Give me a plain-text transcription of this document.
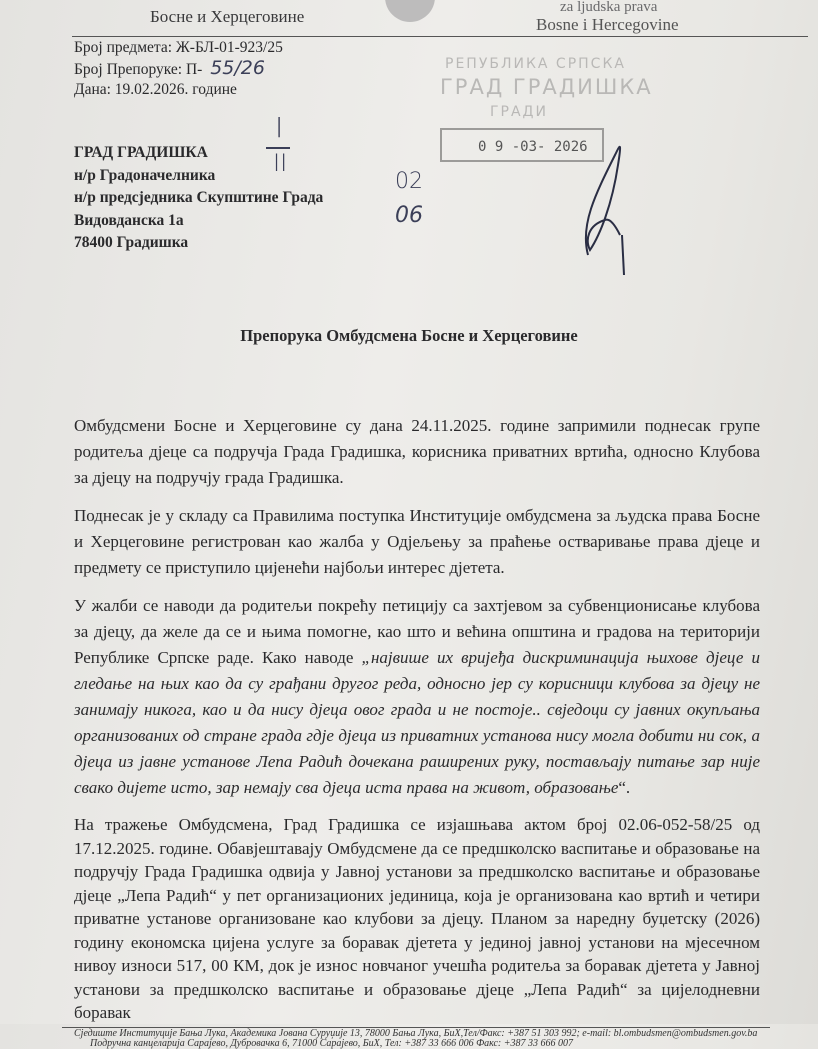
Босне и Херцеговине	za ljudska prava
Bosne i Hercegovine
Број предмета: Ж-БЛ-01-923/25
Број Препоруке: П- 55/26
Дана: 19.02.2026. године
РЕПУБЛИКА СРПСКА
ГРАД ГРАДИШКА
ГРАДИ
0 9 -03- 2026
I
II
02
06
ГРАД ГРАДИШКА
н/р Градоначелника
н/р предсједника Скупштине Града
Видовданска 1а
78400 Градишка
Препорука Омбудсмена Босне и Херцеговине

Омбудсмени Босне и Херцеговине су дана 24.11.2025. године запримили поднесак групе родитеља дјеце са подручја Града Градишка, корисника приватних вртића, односно Клубова за дјецу на подручју града Градишка.

Поднесак је у складу са Правилима поступка Институције омбудсмена за људска права Босне и Херцеговине регистрован као жалба у Одјељењу за праћење остваривање права дјеце и предмету се приступило цијенећи најбољи интерес дјетета.

У жалби се наводи да родитељи покрећу петицију са захтјевом за субвенционисање клубова за дјецу, да желе да се и њима помогне, као што и већина општина и градова на територији Републике Српске раде. Како наводе „највише их вријеђа дискриминација њихове дјеце и гледање на њих као да су грађани другог реда, односно јер су корисници клубова за дјецу не занимају никога, као и да нису дјеца овог града и не постоје.. свједоци су јавних окупљања организованих од стране града гдје дјеца из приватних установа нису могла добити ни сок, а дјеца из јавне установе Лепа Радић дочекана раширених руку, постављају питање зар није свако дијете исто, зар немају сва дјеца иста права на живот, образовање“.

На тражење Омбудсмена, Град Градишка се изјашњава актом број 02.06-052-58/25 од 17.12.2025. године. Обавјештавају Омбудсмене да се предшколско васпитање и образовање на подручју Града Градишка одвија у Јавној установи за предшколско васпитање и образовање дјеце „Лепа Радић“ у пет организационих јединица, која је организована као вртић и четири приватне установе организоване као клубови за дјецу. Планом за наредну буџетску (2026) годину економска цијена услуге за боравак дјетета у јединој јавној установи на мјесечном нивоу износи 517, 00 КМ, док је износ новчаног учешћа родитеља за боравак дјетета у Јавној установи за предшколско васпитање и образовање дјеце „Лепа Радић“ за цијелодневни боравак

Сједиште Институције Бања Лука, Академика Јована Суруџије 13, 78000 Бања Лука, БиХ,Тел/Факс: +387 51 303 992; e-mail: bl.ombudsmen@ombudsmen.gov.ba
Подручна канцеларија Сарајево, Дубровачка 6, 71000 Сарајево, БиХ, Тел: +387 33 666 006 Факс: +387 33 666 007
